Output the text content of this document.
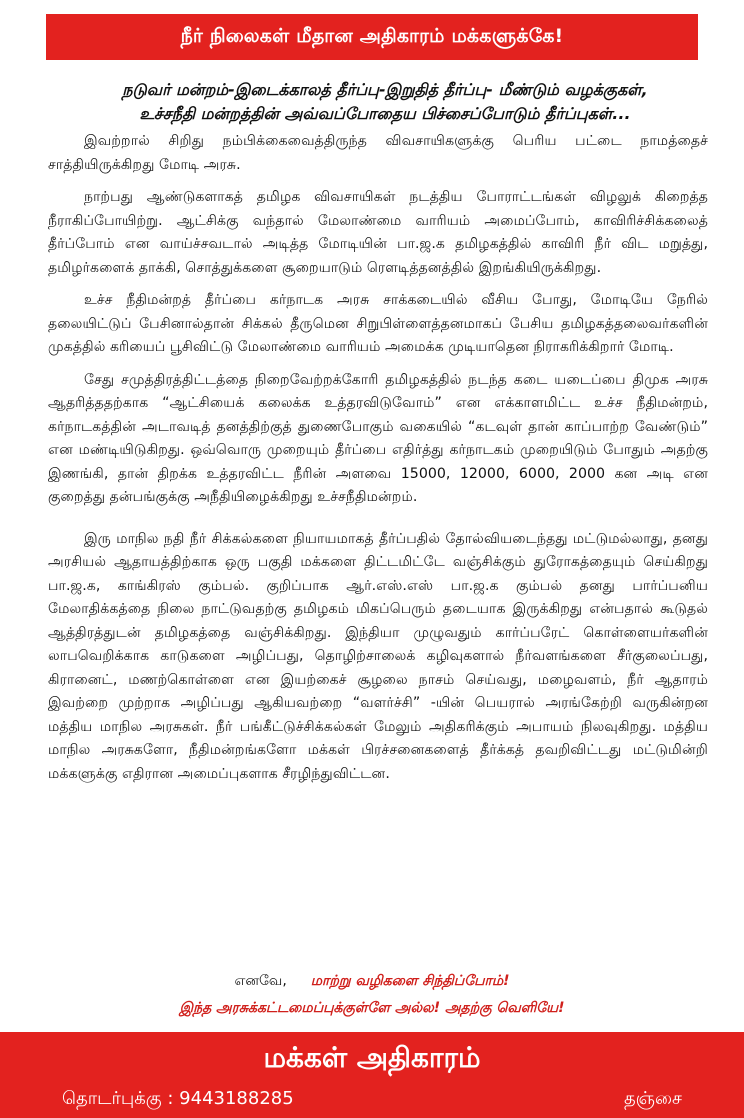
நீர் நிலைகள் மீதான அதிகாரம் மக்களுக்கே!
நடுவர் மன்றம்-இடைக்காலத் தீர்ப்பு-இறுதித் தீர்ப்பு- மீண்டும் வழக்குகள்,
உச்சநீதி மன்றத்தின் அவ்வப்போதைய பிச்சைப்போடும் தீர்ப்புகள்...

இவற்றால் சிறிது நம்பிக்கைவைத்திருந்த விவசாயிகளுக்கு பெரிய பட்டை நாமத்தைச் சாத்தியிருக்கிறது மோடி அரசு.

நாற்பது ஆண்டுகளாகத் தமிழக விவசாயிகள் நடத்திய போராட்டங்கள் விழலுக் கிறைத்த நீராகிப்போயிற்று. ஆட்சிக்கு வந்தால் மேலாண்மை வாரியம் அமைப்போம், காவிரிச்சிக்கலைத் தீர்ப்போம் என வாய்ச்சவடால் அடித்த மோடியின் பா.ஜ.க தமிழகத்தில் காவிரி நீர் விட மறுத்து, தமிழர்களைக் தாக்கி, சொத்துக்களை சூறையாடும் ரௌடித்தனத்தில் இறங்கியிருக்கிறது.

உச்ச நீதிமன்றத் தீர்ப்பை கர்நாடக அரசு சாக்கடையில் வீசிய போது, மோடியே நேரில் தலையிட்டுப் பேசினால்தான் சிக்கல் தீருமென சிறுபிள்ளைத்தனமாகப் பேசிய தமிழகத்தலைவர்களின் முகத்தில் கரியைப் பூசிவிட்டு மேலாண்மை வாரியம் அமைக்க முடியாதென நிராகரிக்கிறார் மோடி.

சேது சமுத்திரத்திட்டத்தை நிறைவேற்றக்கோரி தமிழகத்தில் நடந்த கடை யடைப்பை திமுக அரசு ஆதரித்ததற்காக “ஆட்சியைக் கலைக்க உத்தரவிடுவோம்” என எக்காளமிட்ட உச்ச நீதிமன்றம், கர்நாடகத்தின் அடாவடித் தனத்திற்குத் துணைபோகும் வகையில் “கடவுள் தான் காப்பாற்ற வேண்டும்” என மண்டியிடுகிறது. ஒவ்வொரு முறையும் தீர்ப்பை எதிர்த்து கர்நாடகம் முறையிடும் போதும் அதற்கு இணங்கி, தான் திறக்க உத்தரவிட்ட நீரின் அளவை 15000, 12000, 6000, 2000 கன அடி என குறைத்து தன்பங்குக்கு அநீதியிழைக்கிறது உச்சநீதிமன்றம்.

இரு மாநில நதி நீர் சிக்கல்களை நியாயமாகத் தீர்ப்பதில் தோல்வியடைந்தது மட்டுமல்லாது, தனது அரசியல் ஆதாயத்திற்காக ஒரு பகுதி மக்களை திட்டமிட்டே வஞ்சிக்கும் துரோகத்தையும் செய்கிறது பா.ஜ.க, காங்கிரஸ் கும்பல். குறிப்பாக ஆர்.எஸ்.எஸ் பா.ஜ.க கும்பல் தனது பார்ப்பனிய மேலாதிக்கத்தை நிலை நாட்டுவதற்கு தமிழகம் மிகப்பெரும் தடையாக இருக்கிறது என்பதால் கூடுதல் ஆத்திரத்துடன் தமிழகத்தை வஞ்சிக்கிறது. இந்தியா முழுவதும் கார்ப்பரேட் கொள்ளையர்களின் லாபவெறிக்காக காடுகளை அழிப்பது, தொழிற்சாலைக் கழிவுகளால் நீர்வளங்களை சீர்குலைப்பது, கிரானைட், மணற்கொள்ளை என இயற்கைச் சூழலை நாசம் செய்வது, மழைவளம், நீர் ஆதாரம் இவற்றை முற்றாக அழிப்பது ஆகியவற்றை “வளர்ச்சி” -யின் பெயரால் அரங்கேற்றி வருகின்றன மத்திய மாநில அரசுகள். நீர் பங்கீட்டுச்சிக்கல்கள் மேலும் அதிகரிக்கும் அபாயம் நிலவுகிறது. மத்திய மாநில அரசுகளோ, நீதிமன்றங்களோ மக்கள் பிரச்சனைகளைத் தீர்க்கத் தவறிவிட்டது மட்டுமின்றி மக்களுக்கு எதிரான அமைப்புகளாக சீரழிந்துவிட்டன.

எனவே, மாற்று வழிகளை சிந்திப்போம்!
இந்த அரசுக்கட்டமைப்புக்குள்ளே அல்ல! அதற்கு வெளியே!
மக்கள் அதிகாரம்
தொடர்புக்கு : 9443188285	தஞ்சை
